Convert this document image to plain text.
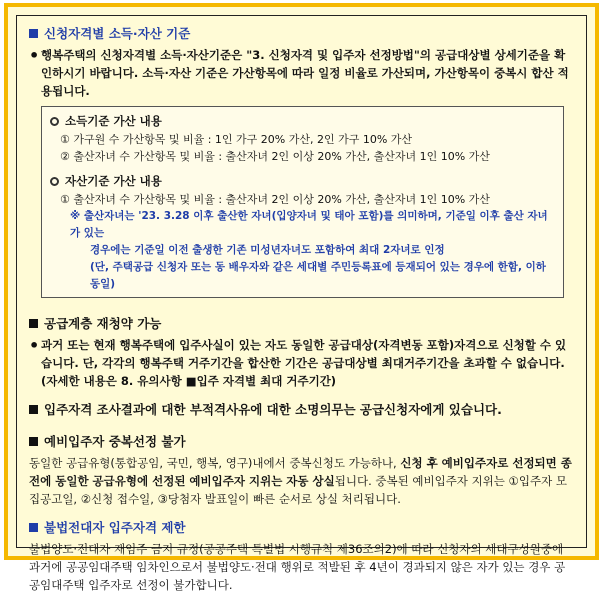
신청자격별 소득·자산 기준
• 행복주택의 신청자격별 소득·자산기준은 "3. 신청자격 및 입주자 선정방법"의 공급대상별 상세기준을 확인하시기 바랍니다. 소득·자산 기준은 가산항목에 따라 일정 비율로 가산되며, 가산항목이 중복시 합산 적용됩니다.

소득기준 가산 내용
① 가구원 수 가산항목 및 비율 : 1인 가구 20% 가산, 2인 가구 10% 가산
② 출산자녀 수 가산항목 및 비율 : 출산자녀 2인 이상 20% 가산, 출산자녀 1인 10% 가산
자산기준 가산 내용
① 출산자녀 수 가산항목 및 비율 : 출산자녀 2인 이상 20% 가산, 출산자녀 1인 10% 가산
※ 출산자녀는 '23. 3.28 이후 출산한 자녀(입양자녀 및 태아 포함)를 의미하며, 기준일 이후 출산 자녀가 있는
경우에는 기준일 이전 출생한 기존 미성년자녀도 포함하여 최대 2자녀로 인정
(단, 주택공급 신청자 또는 동 배우자와 같은 세대별 주민등록표에 등재되어 있는 경우에 한함, 이하 동일)
공급계층 재청약 가능
• 과거 또는 현재 행복주택에 입주사실이 있는 자도 동일한 공급대상(자격변동 포함)자격으로 신청할 수 있습니다. 단, 각각의 행복주택 거주기간을 합산한 기간은 공급대상별 최대거주기간을 초과할 수 없습니다. (자세한 내용은 8. 유의사항 ■입주 자격별 최대 거주기간)

입주자격 조사결과에 대한 부적격사유에 대한 소명의무는 공급신청자에게 있습니다.
예비입주자 중복선정 불가

동일한 공급유형(통합공임, 국민, 행복, 영구)내에서 중복신청도 가능하나, 신청 후 예비입주자로 선정되면 종전에 동일한 공급유형에 선정된 예비입주자 지위는 자동 상실됩니다. 중복된 예비입주자 지위는 ①입주자 모집공고일, ②신청 접수일, ③당첨자 발표일이 빠른 순서로 상실 처리됩니다.

불법전대자 입주자격 제한

불법양도·전대자 재임주 금지 규정(공공주택 특별법 시행규칙 제36조의2)에 따라 신청자의 세대구성원중에 과거에 공공임대주택 임차인으로서 불법양도·전대 행위로 적발된 후 4년이 경과되지 않은 자가 있는 경우 공공임대주택 입주자로 선정이 불가합니다.
